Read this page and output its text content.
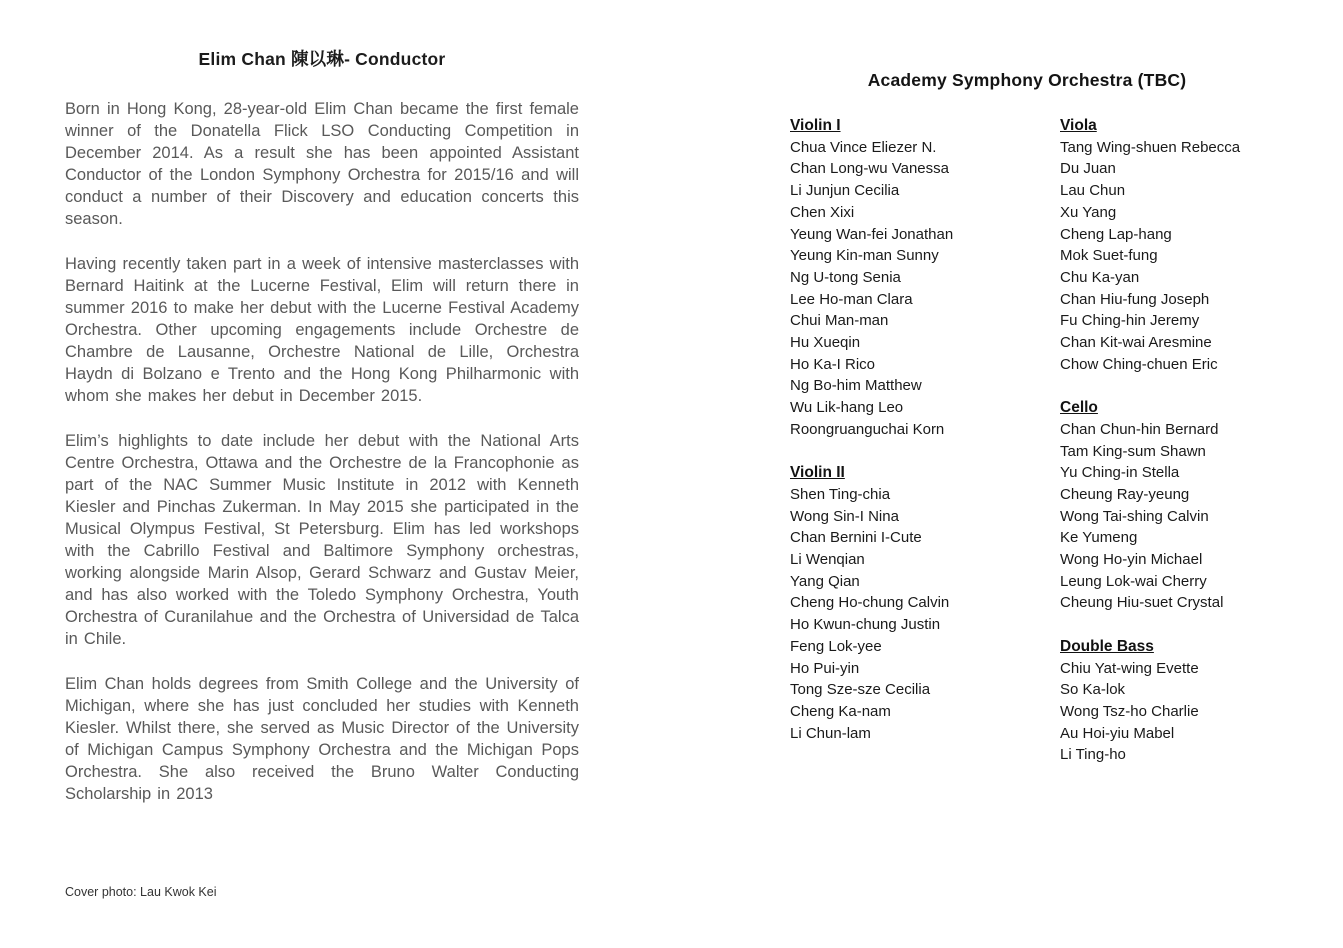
Elim Chan 陳以琳- Conductor

Born in Hong Kong, 28-year-old Elim Chan became the first female winner of the Donatella Flick LSO Conducting Competition in December 2014. As a result she has been appointed Assistant Conductor of the London Symphony Orchestra for 2015/16 and will conduct a number of their Discovery and education concerts this season.

Having recently taken part in a week of intensive masterclasses with Bernard Haitink at the Lucerne Festival, Elim will return there in summer 2016 to make her debut with the Lucerne Festival Academy Orchestra. Other upcoming engagements include Orchestre de Chambre de Lausanne, Orchestre National de Lille, Orchestra Haydn di Bolzano e Trento and the Hong Kong Philharmonic with whom she makes her debut in December 2015.

Elim’s highlights to date include her debut with the National Arts Centre Orchestra, Ottawa and the Orchestre de la Francophonie as part of the NAC Summer Music Institute in 2012 with Kenneth Kiesler and Pinchas Zukerman. In May 2015 she participated in the Musical Olympus Festival, St Petersburg. Elim has led workshops with the Cabrillo Festival and Baltimore Symphony orchestras, working alongside Marin Alsop, Gerard Schwarz and Gustav Meier, and has also worked with the Toledo Symphony Orchestra, Youth Orchestra of Curanilahue and the Orchestra of Universidad de Talca in Chile.

Elim Chan holds degrees from Smith College and the University of Michigan, where she has just concluded her studies with Kenneth Kiesler. Whilst there, she served as Music Director of the University of Michigan Campus Symphony Orchestra and the Michigan Pops Orchestra. She also received the Bruno Walter Conducting Scholarship in 2013

Cover photo: Lau Kwok Kei
Academy Symphony Orchestra (TBC)
Violin I
Chua Vince Eliezer N.
Chan Long-wu Vanessa
Li Junjun Cecilia
Chen Xixi
Yeung Wan-fei Jonathan
Yeung Kin-man Sunny
Ng U-tong Senia
Lee Ho-man Clara
Chui Man-man
Hu Xueqin
Ho Ka-I Rico
Ng Bo-him Matthew
Wu Lik-hang Leo
Roongruanguchai Korn
Violin II
Shen Ting-chia
Wong Sin-I Nina
Chan Bernini I-Cute
Li Wenqian
Yang Qian
Cheng Ho-chung Calvin
Ho Kwun-chung Justin
Feng Lok-yee
Ho Pui-yin
Tong Sze-sze Cecilia
Cheng Ka-nam
Li Chun-lam
Viola
Tang Wing-shuen Rebecca
Du Juan
Lau Chun
Xu Yang
Cheng Lap-hang
Mok Suet-fung
Chu Ka-yan
Chan Hiu-fung Joseph
Fu Ching-hin Jeremy
Chan Kit-wai Aresmine
Chow Ching-chuen Eric
Cello
Chan Chun-hin Bernard
Tam King-sum Shawn
Yu Ching-in Stella
Cheung Ray-yeung
Wong Tai-shing Calvin
Ke Yumeng
Wong Ho-yin Michael
Leung Lok-wai Cherry
Cheung Hiu-suet Crystal
Double Bass
Chiu Yat-wing Evette
So Ka-lok
Wong Tsz-ho Charlie
Au Hoi-yiu Mabel
Li Ting-ho
